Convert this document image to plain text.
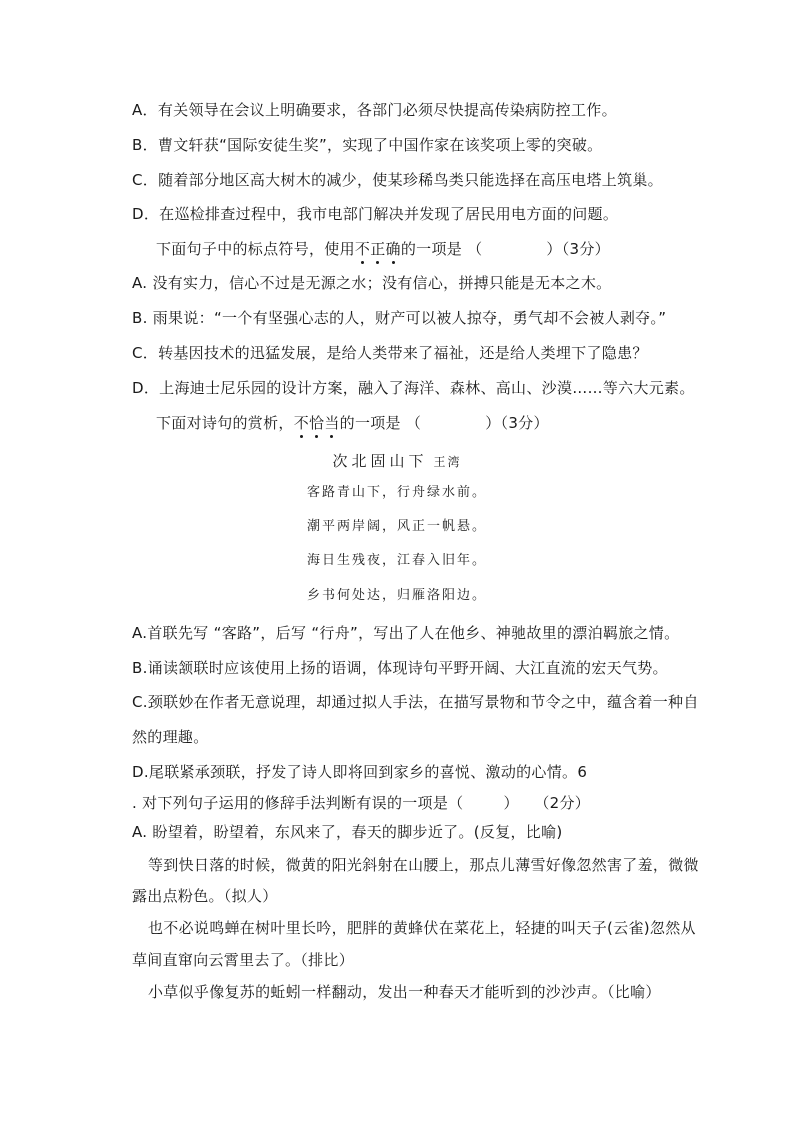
A．有关领导在会议上明确要求，各部门必须尽快提高传染病防控工作。
B．曹文轩获“国际安徒生奖”，实现了中国作家在该奖项上零的突破。
C．随着部分地区高大树木的减少，使某珍稀鸟类只能选择在高压电塔上筑巢。
D．在巡检排查过程中，我市电部门解决并发现了居民用电方面的问题。
下面句子中的标点符号，使用不正确的一项是 （	）（3分）
A. 没有实力，信心不过是无源之水；没有信心，拼搏只能是无本之木。
B. 雨果说：“一个有坚强心志的人，财产可以被人掠夺，勇气却不会被人剥夺。”
C．转基因技术的迅猛发展，是给人类带来了福祉，还是给人类埋下了隐患？
D．上海迪士尼乐园的设计方案，融入了海洋、森林、高山、沙漠……等六大元素。
下面对诗句的赏析，不恰当的一项是 （	）（3分）
次北固山下 王湾
客路青山下，行舟绿水前。
潮平两岸阔，风正一帆悬。
海日生残夜，江春入旧年。
乡书何处达，归雁洛阳边。
A.首联先写 “客路”，后写 “行舟”，写出了人在他乡、神驰故里的漂泊羁旅之情。
B.诵读颔联时应该使用上扬的语调，体现诗句平野开阔、大江直流的宏天气势。
C.颈联妙在作者无意说理，却通过拟人手法，在描写景物和节令之中，蕴含着一种自
然的理趣。
D.尾联紧承颈联，抒发了诗人即将回到家乡的喜悦、激动的心情。6
. 对下列句子运用的修辞手法判断有误的一项是（	）　　（2分）
A. 盼望着，盼望着，东风来了，春天的脚步近了。(反复，比喻)
等到快日落的时候，微黄的阳光斜射在山腰上，那点儿薄雪好像忽然害了羞，微微
露出点粉色。（拟人）
也不必说鸣蝉在树叶里长吟，肥胖的黄蜂伏在菜花上，轻捷的叫天子(云雀)忽然从
草间直窜向云霄里去了。（排比）
小草似乎像复苏的蚯蚓一样翻动，发出一种春天才能听到的沙沙声。（比喻）
